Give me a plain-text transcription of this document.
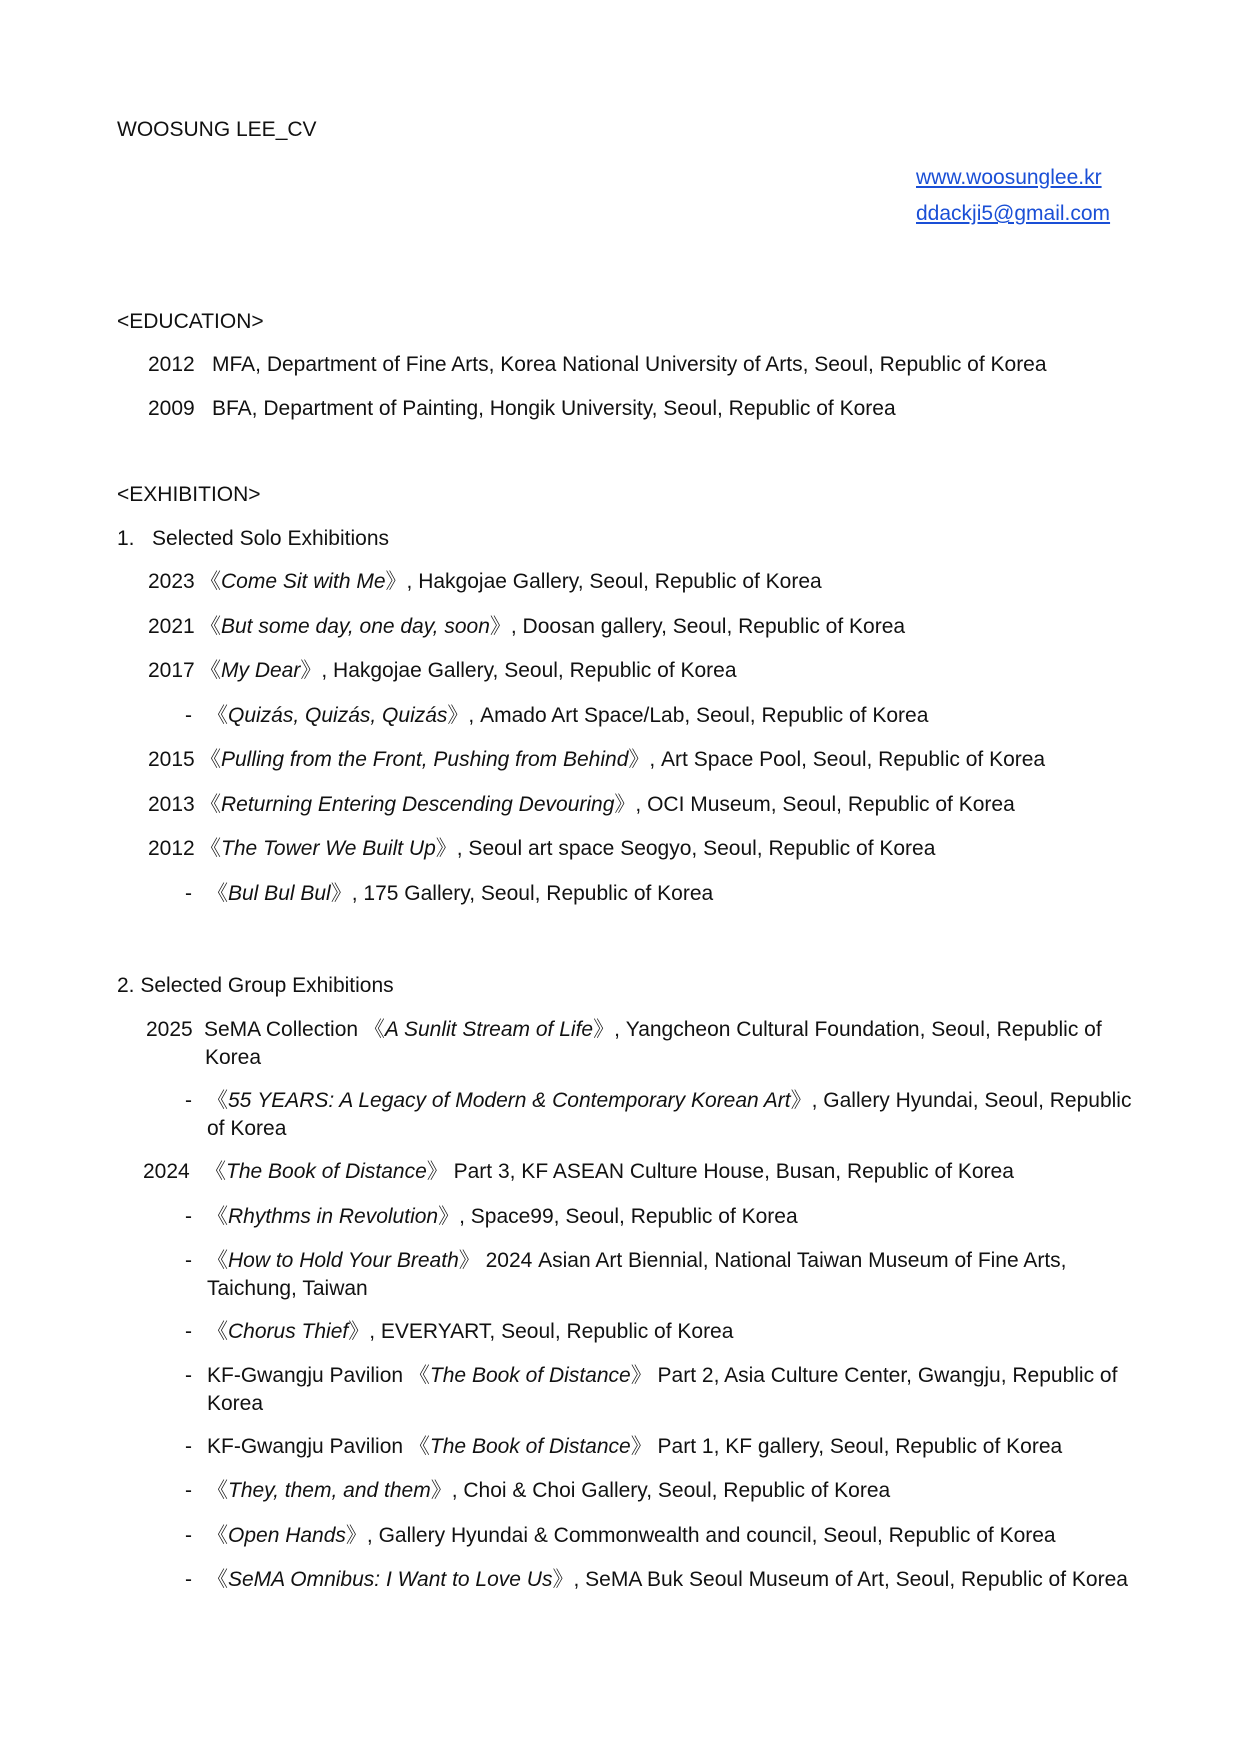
WOOSUNG LEE_CV
www.woosunglee.kr
ddackji5@gmail.com
<EDUCATION>
2012 MFA, Department of Fine Arts, Korea National University of Arts, Seoul, Republic of Korea
2009 BFA, Department of Painting, Hongik University, Seoul, Republic of Korea
<EXHIBITION>
1.   Selected Solo Exhibitions
2023 《Come Sit with Me》, Hakgojae Gallery, Seoul, Republic of Korea
2021 《But some day, one day, soon》, Doosan gallery, Seoul, Republic of Korea
2017 《My Dear》, Hakgojae Gallery, Seoul, Republic of Korea
- 《Quizás, Quizás, Quizás》, Amado Art Space/Lab, Seoul, Republic of Korea
2015 《Pulling from the Front, Pushing from Behind》, Art Space Pool, Seoul, Republic of Korea
2013 《Returning Entering Descending Devouring》, OCI Museum, Seoul, Republic of Korea
2012 《The Tower We Built Up》, Seoul art space Seogyo, Seoul, Republic of Korea
- 《Bul Bul Bul》, 175 Gallery, Seoul, Republic of Korea
2. Selected Group Exhibitions
2025 SeMA Collection 《A Sunlit Stream of Life》, Yangcheon Cultural Foundation, Seoul, Republic of
Korea
- 《55 YEARS: A Legacy of Modern & Contemporary Korean Art》, Gallery Hyundai, Seoul, Republic
of Korea
2024 《The Book of Distance》 Part 3, KF ASEAN Culture House, Busan, Republic of Korea
- 《Rhythms in Revolution》, Space99, Seoul, Republic of Korea
- 《How to Hold Your Breath》 2024 Asian Art Biennial, National Taiwan Museum of Fine Arts,
Taichung, Taiwan
- 《Chorus Thief》, EVERYART, Seoul, Republic of Korea
- KF-Gwangju Pavilion 《The Book of Distance》 Part 2, Asia Culture Center, Gwangju, Republic of
Korea
- KF-Gwangju Pavilion 《The Book of Distance》 Part 1, KF gallery, Seoul, Republic of Korea
- 《They, them, and them》, Choi & Choi Gallery, Seoul, Republic of Korea
- 《Open Hands》, Gallery Hyundai & Commonwealth and council, Seoul, Republic of Korea
- 《SeMA Omnibus: I Want to Love Us》, SeMA Buk Seoul Museum of Art, Seoul, Republic of Korea
